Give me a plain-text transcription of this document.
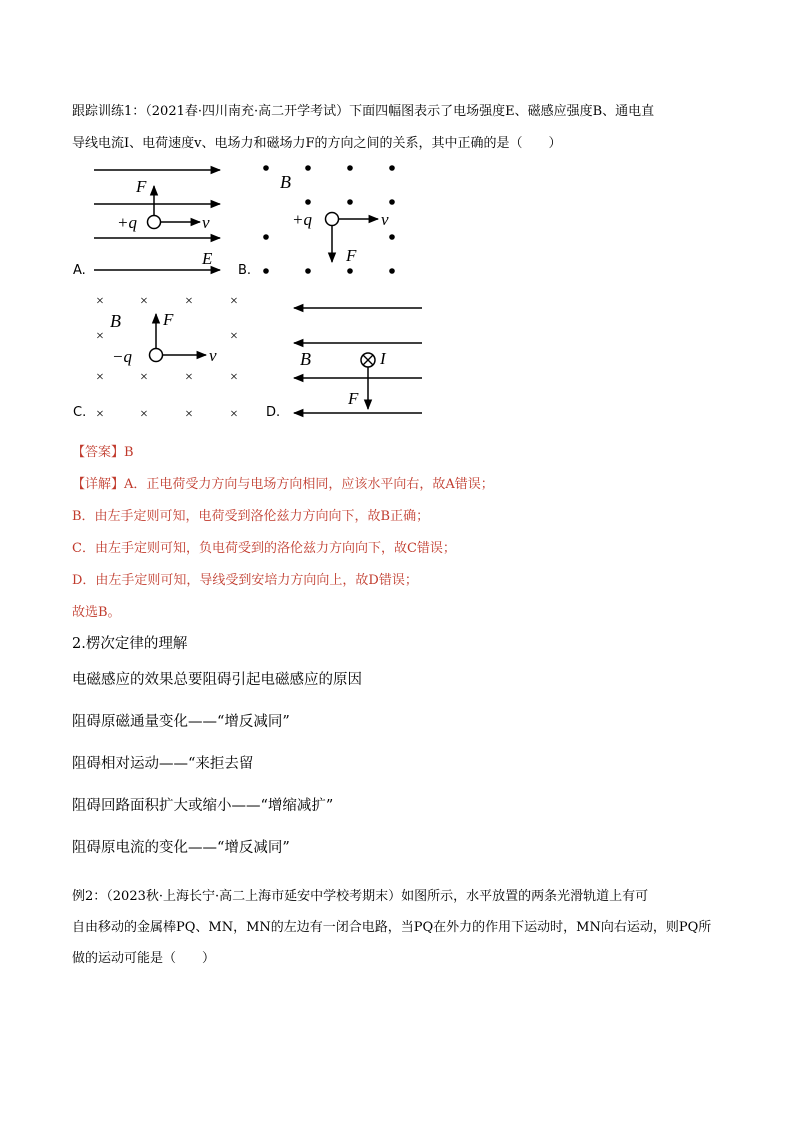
跟踪训练1：（2021春·四川南充·高二开学考试）下面四幅图表示了电场强度E、磁感应强度B、通电直
导线电流I、电荷速度v、电场力和磁场力F的方向之间的关系，其中正确的是（　　）
F
+q	v
E
A.
B
+q	v
F
B.
×	×	×	×
×	×
×	×	×	×
×	×	×	×
B F
−q	v
C.
B	I
F
D.
【答案】B
【详解】A．正电荷受力方向与电场方向相同，应该水平向右，故A错误；
B．由左手定则可知，电荷受到洛伦兹力方向向下，故B正确；
C．由左手定则可知，负电荷受到的洛伦兹力方向向下，故C错误；
D．由左手定则可知，导线受到安培力方向向上，故D错误；
故选B。
2.楞次定律的理解
电磁感应的效果总要阻碍引起电磁感应的原因
阻碍原磁通量变化——“增反减同”
阻碍相对运动——“来拒去留
阻碍回路面积扩大或缩小——“增缩减扩”
阻碍原电流的变化——“增反减同”
例2：（2023秋·上海长宁·高二上海市延安中学校考期末）如图所示，水平放置的两条光滑轨道上有可
自由移动的金属棒PQ、MN，MN的左边有一闭合电路，当PQ在外力的作用下运动时，MN向右运动，则PQ所
做的运动可能是（　　）
